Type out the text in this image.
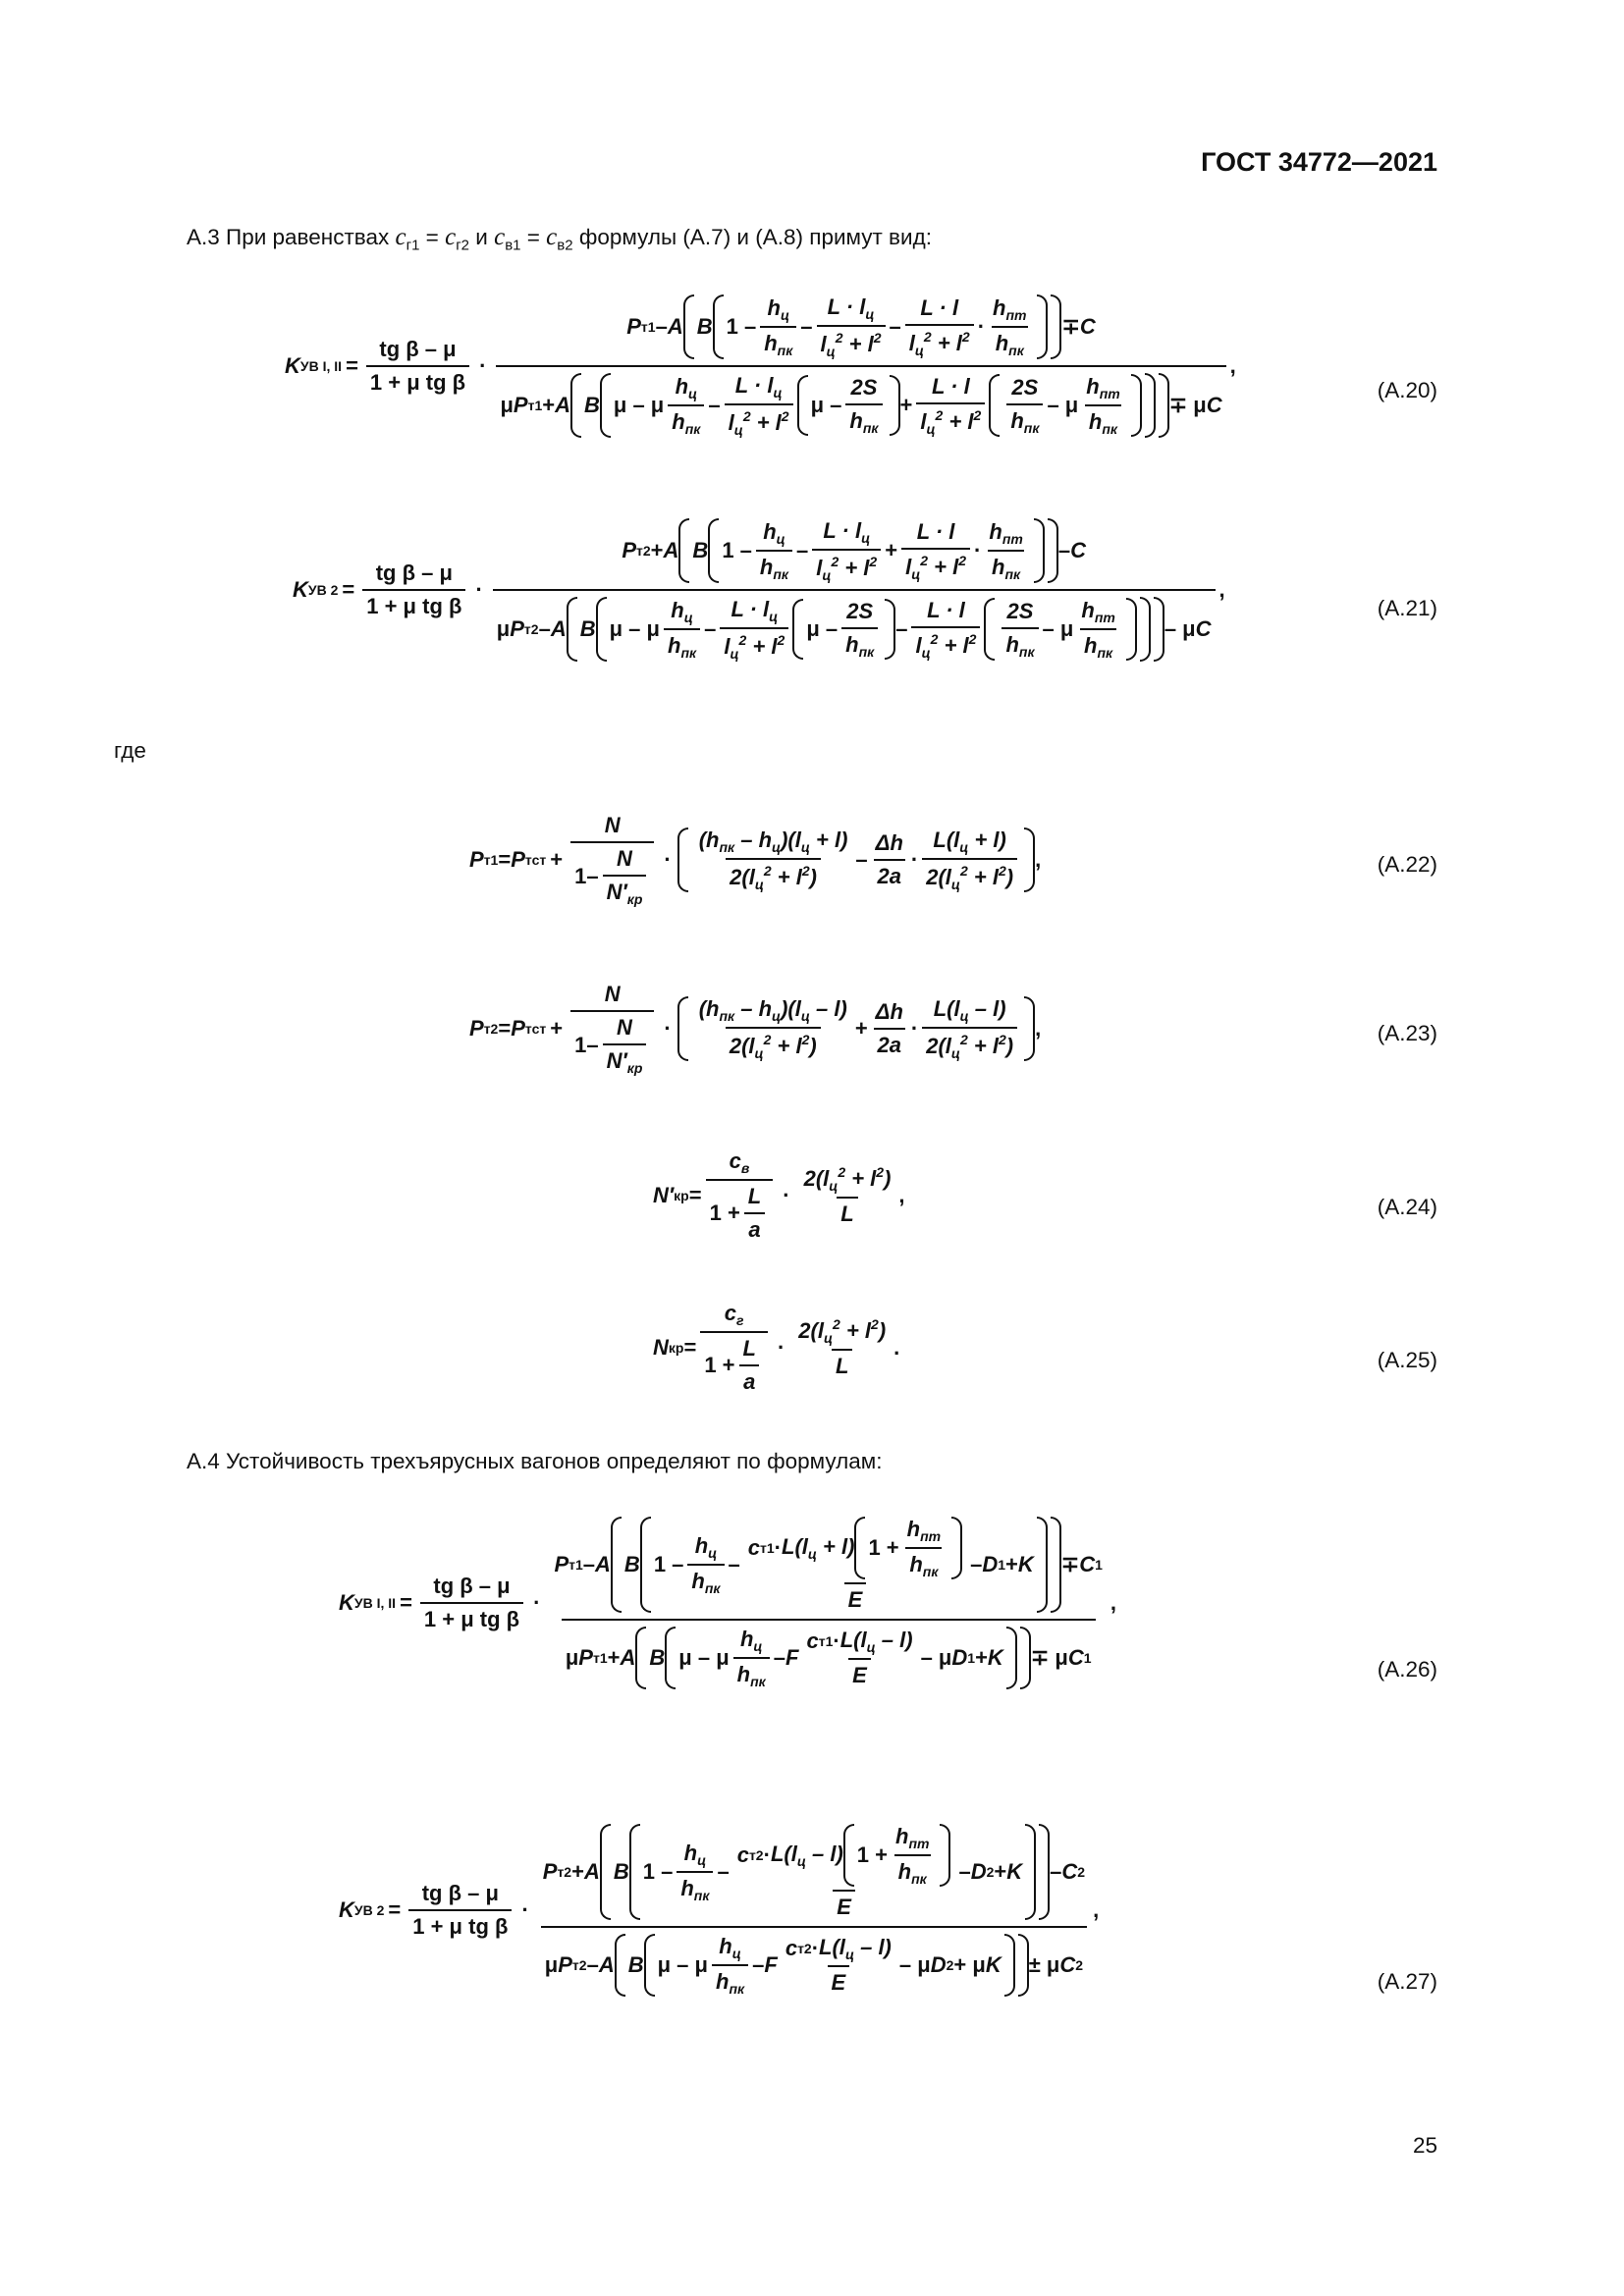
ГОСТ 34772—2021
А.3 При равенствах $c_{г1} = c_{г2}$ и $c_{в1} = c_{в2}$ формулы (А.7) и (А.8) примут вид:
K УВ I, II = $\frac{\text{tg β – μ}}{\text{1 + μ tg β}}$ ·
P т1 – A B $1 - \frac{h_ц}{h_{пк}} - \frac{L \cdot l_ц}{l_ц^2 + l^2} - \frac{L \cdot l}{l_ц^2 + l^2} \cdot \frac{h_{пт}}{h_{пк}} \mp C$
μ P т1 + A B μ – μ $\frac{h_ц}{h_{пк}} - \frac{L \cdot l_ц}{l_ц^2 + l^2}$ $\mu - \frac{2S}{h_{пк}} + \frac{L \cdot l}{l_ц^2 + l^2} \frac{2S}{h_{пк}} - \mu \frac{h_{пт}}{h_{пк}} \mp \mu$ C
,
(А.20)
K УВ $2 = \frac{\text{tg β – μ}}{\text{1 + μ tg β}}$ ·
P т2 + A B $1 - \frac{h_ц}{h_{пк}} - \frac{L \cdot l_ц}{l_ц^2 + l^2} + \frac{L \cdot l}{l_ц^2 + l^2} \cdot \frac{h_{пт}}{h_{пк}} - C$
μ P т2 – A B μ – μ $\frac{h_ц}{h_{пк}} - \frac{L \cdot l_ц}{l_ц^2 + l^2}$ μ – $\frac{2S}{h_{пк}} - \frac{L \cdot l}{l_ц^2 + l^2} \frac{2S}{h_{пк}}$ – μ $\frac{h_{пт}}{h_{пк}}$ – μ C
,
(А.21)
где
P т1 = P тст + $\frac{N}{1- \frac{N}{N'_{кр}}} \cdot \frac{(h_{пк} - h_ц)(l_ц + l)}{2(l_ц^2 + l^2)} - \frac{\Delta h}{2a} \cdot \frac{L(l_ц + l)}{2(l_ц^2 + l^2)}$ ,	(А.22)
P т2 = P тст + $\frac{N}{1- \frac{N}{N'_{кр}}} \cdot \frac{(h_{пк} - h_ц)(l_ц - l)}{2(l_ц^2 + l^2)} + \frac{\Delta h}{2a} \cdot \frac{L(l_ц - l)}{2(l_ц^2 + l^2)}$ ,	(А.23)
N′ кр = $\frac{c_в}{1 + \frac{L}{a}} \cdot \frac{2(l_ц^2 + l^2)}{L}$ ,	(А.24)
N кр = $\frac{c_г}{1 + \frac{L}{a}} \cdot \frac{2(l_ц^2 + l^2)}{L}$ .
(А.25)
А.4 Устойчивость трехъярусных вагонов определяют по формулам:
K УВ I, II = $\frac{\text{tg β – μ}}{\text{1 + μ tg β}}$ ·
P т1 – A B $1 - \frac{h_ц}{h_{пк}} - \frac{c т1 \cdot L(l_ц + l) 1 + \frac{h_{пт}}{h_{пк}}}{E}$ – D 1 + K ∓ C 1
μ P т1 + A B μ – μ $\frac{h_ц}{h_{пк}}$ – F $\frac{c т1 \cdot L(l_ц - l)}{E}$ – μ D 1 + K ∓ μ C 1
,
(А.26)
K УВ $2 = \frac{\text{tg β – μ}}{\text{1 + μ tg β}}$ ·
P т2 + A B $1 - \frac{h_ц}{h_{пк}} - \frac{c т2 \cdot L(l_ц - l) 1 + \frac{h_{пт}}{h_{пк}}}{E}$ – D 2 + K – C 2
μ P т2 – A B μ – μ $\frac{h_ц}{h_{пк}}$ – F $\frac{c т2 \cdot L(l_ц - l)}{E}$ – μ D 2 + μ K ± μ C 2
,
(А.27)
25
